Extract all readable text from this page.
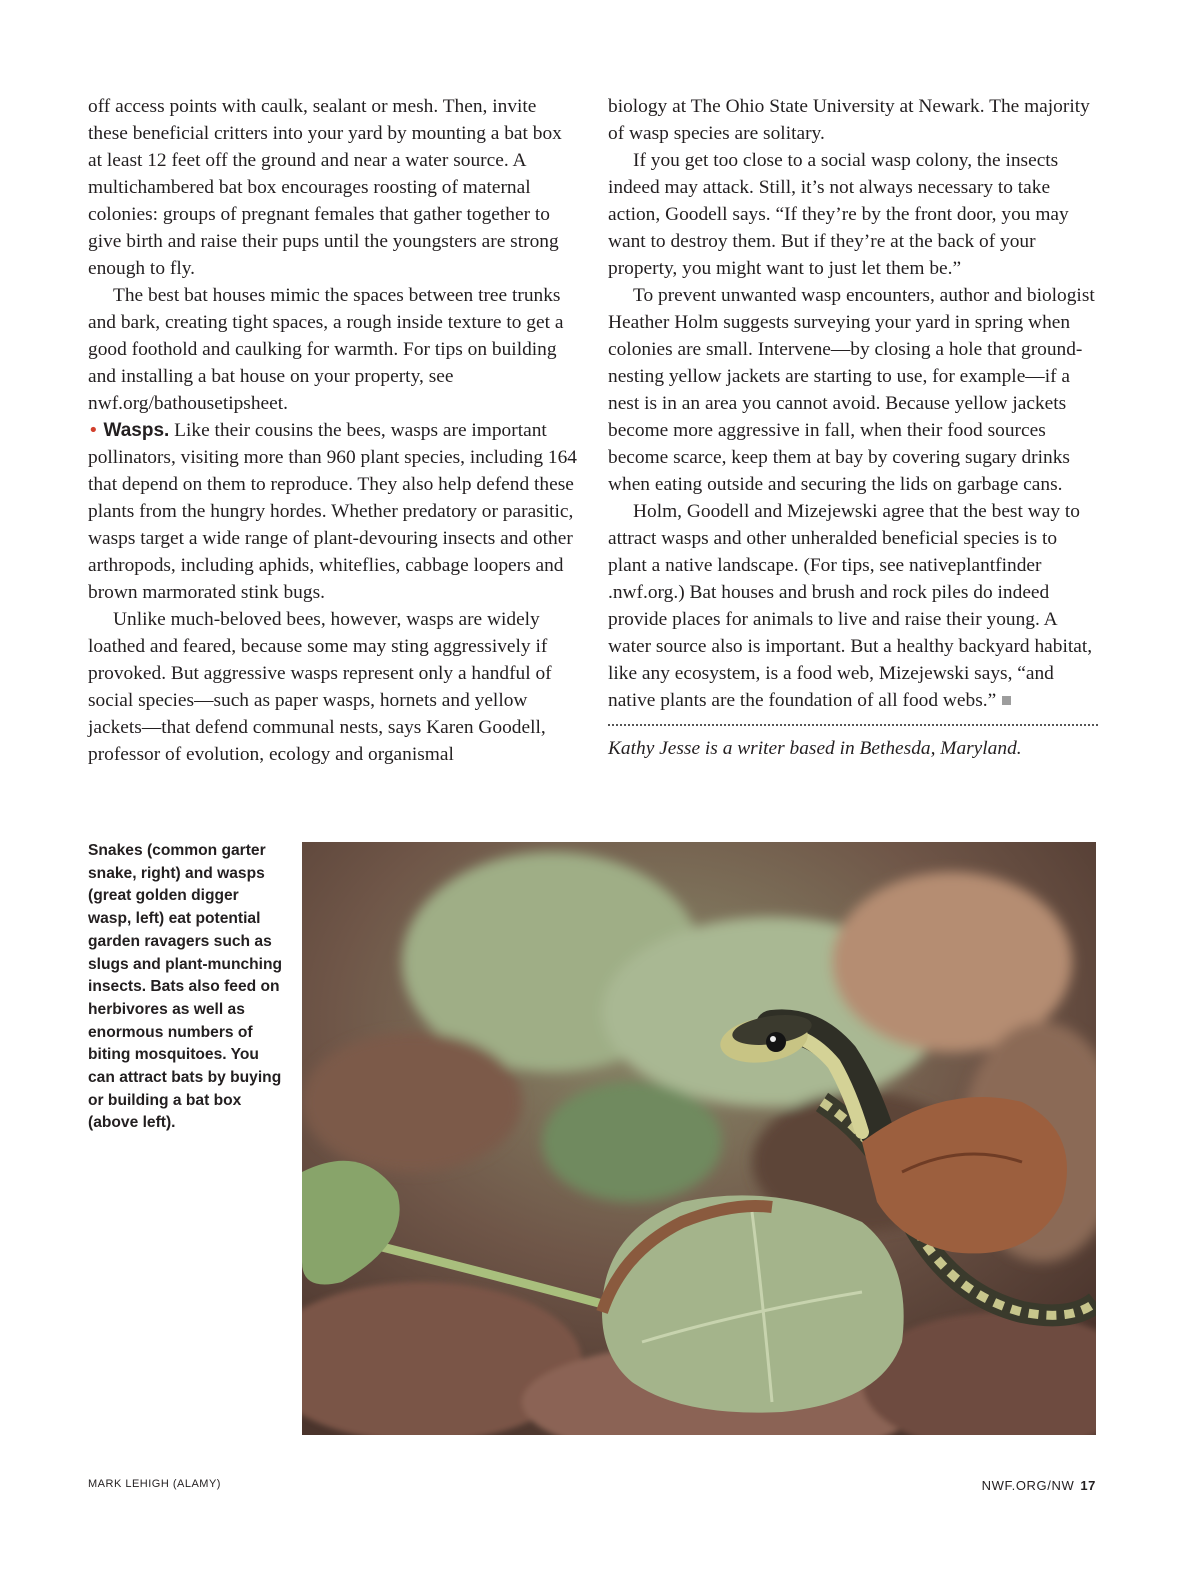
off access points with caulk, sealant or mesh. Then, invite these beneficial critters into your yard by mounting a bat box at least 12 feet off the ground and near a water source. A multichambered bat box encourages roosting of maternal colonies: groups of pregnant females that gather together to give birth and raise their pups until the youngsters are strong enough to fly.

The best bat houses mimic the spaces between tree trunks and bark, creating tight spaces, a rough inside texture to get a good foothold and caulking for warmth. For tips on building and installing a bat house on your property, see nwf.org/bathousetipsheet.

• Wasps. Like their cousins the bees, wasps are important pollinators, visiting more than 960 plant species, including 164 that depend on them to reproduce. They also help defend these plants from the hungry hordes. Whether predatory or parasitic, wasps target a wide range of plant-devouring insects and other arthropods, including aphids, whiteflies, cabbage loopers and brown marmorated stink bugs.

Unlike much-beloved bees, however, wasps are widely loathed and feared, because some may sting aggressively if provoked. But aggressive wasps represent only a handful of social species—such as paper wasps, hornets and yellow jackets—that defend communal nests, says Karen Goodell, professor of evolution, ecology and organismal

biology at The Ohio State University at Newark. The majority of wasp species are solitary.

If you get too close to a social wasp colony, the insects indeed may attack. Still, it’s not always necessary to take action, Goodell says. “If they’re by the front door, you may want to destroy them. But if they’re at the back of your property, you might want to just let them be.”

To prevent unwanted wasp encounters, author and biologist Heather Holm suggests surveying your yard in spring when colonies are small. Intervene—by closing a hole that ground-nesting yellow jackets are starting to use, for example—if a nest is in an area you cannot avoid. Because yellow jackets become more aggressive in fall, when their food sources become scarce, keep them at bay by covering sugary drinks when eating outside and securing the lids on garbage cans.

Holm, Goodell and Mizejewski agree that the best way to attract wasps and other unheralded beneficial species is to plant a native landscape. (For tips, see nativeplantfinder .nwf.org.) Bat houses and brush and rock piles do indeed provide places for animals to live and raise their young. A water source also is important. But a healthy backyard habitat, like any ecosystem, is a food web, Mizejewski says, “and native plants are the foundation of all food webs.”

Kathy Jesse is a writer based in Bethesda, Maryland.

Snakes (common garter snake, right) and wasps (great golden digger wasp, left) eat potential garden ravagers such as slugs and plant-munching insects. Bats also feed on herbivores as well as enormous numbers of biting mosquitoes. You can attract bats by buying or building a bat box (above left).
MARK LEHIGH (ALAMY)	NWF.ORG/NW 17
